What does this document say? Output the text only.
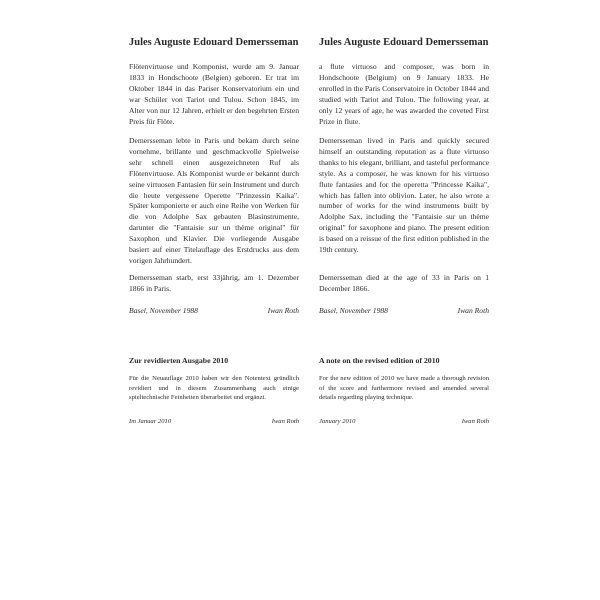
Jules Auguste Edouard Demersseman

Flötenvirtuose und Komponist, wurde am 9. Januar 1833 in Hondschoote (Belgien) geboren. Er trat im Oktober 1844 in das Pariser Konservatorium ein und war Schüler von Tariot und Tulou. Schon 1845, im Alter von nur 12 Jahren, erhielt er den begehrten Ersten Preis für Flöte.

Demersseman lebte in Paris und bekam durch seine vornehme, brillante und geschmackvolle Spielweise sehr schnell einen ausgezeichneten Ruf als Flötenvirtuose. Als Komponist wurde er bekannt durch seine virtuosen Fantasien für sein Instrument und durch die heute vergessene Operette "Prinzessin Kaika". Später komponierte er auch eine Reihe von Werken für die von Adolphe Sax gebauten Blasinstrumente, darunter die "Fantaisie sur un thème original" für Saxophon und Klavier. Die vorliegende Ausgabe basiert auf einer Titelauflage des Erstdrucks aus dem vorigen Jahrhundert.

Demersseman starb, erst 33jährig, am 1. Dezember 1866 in Paris.

Basel, November 1988	Iwan Roth
Zur revidierten Ausgabe 2010

Für die Neuauflage 2010 haben wir den Notentext gründlich revidiert und in diesem Zusammenhang auch einige spieltechnische Feinheiten überarbeitet und ergänzt.

Im Januar 2010	Iwan Roth
Jules Auguste Edouard Demersseman

a flute virtuoso and composer, was born in Hondschoote (Belgium) on 9 January 1833. He enrolled in the Paris Conservatoire in October 1844 and studied with Tariot and Tulou. The following year, at only 12 years of age, he was awarded the coveted First Prize in flute.

Demersseman lived in Paris and quickly secured himself an outstanding reputation as a flute virtuoso thanks to his elegant, brilliant, and tasteful performance style. As a composer, he was known for his virtuoso flute fantasies and for the operetta "Princesse Kaika", which has fallen into oblivion. Later, he also wrote a number of works for the wind instruments built by Adolphe Sax, including the "Fantaisie sur un thème original" for saxophone and piano. The present edition is based on a reissue of the first edition published in the 19th century.

Demersseman died at the age of 33 in Paris on 1 December 1866.

Basel, November 1988	Iwan Roth
A note on the revised edition of 2010

For the new edition of 2010 we have made a thorough revision of the score and furthermore revised and amended several details regarding playing technique.

January 2010	Iwan Roth
